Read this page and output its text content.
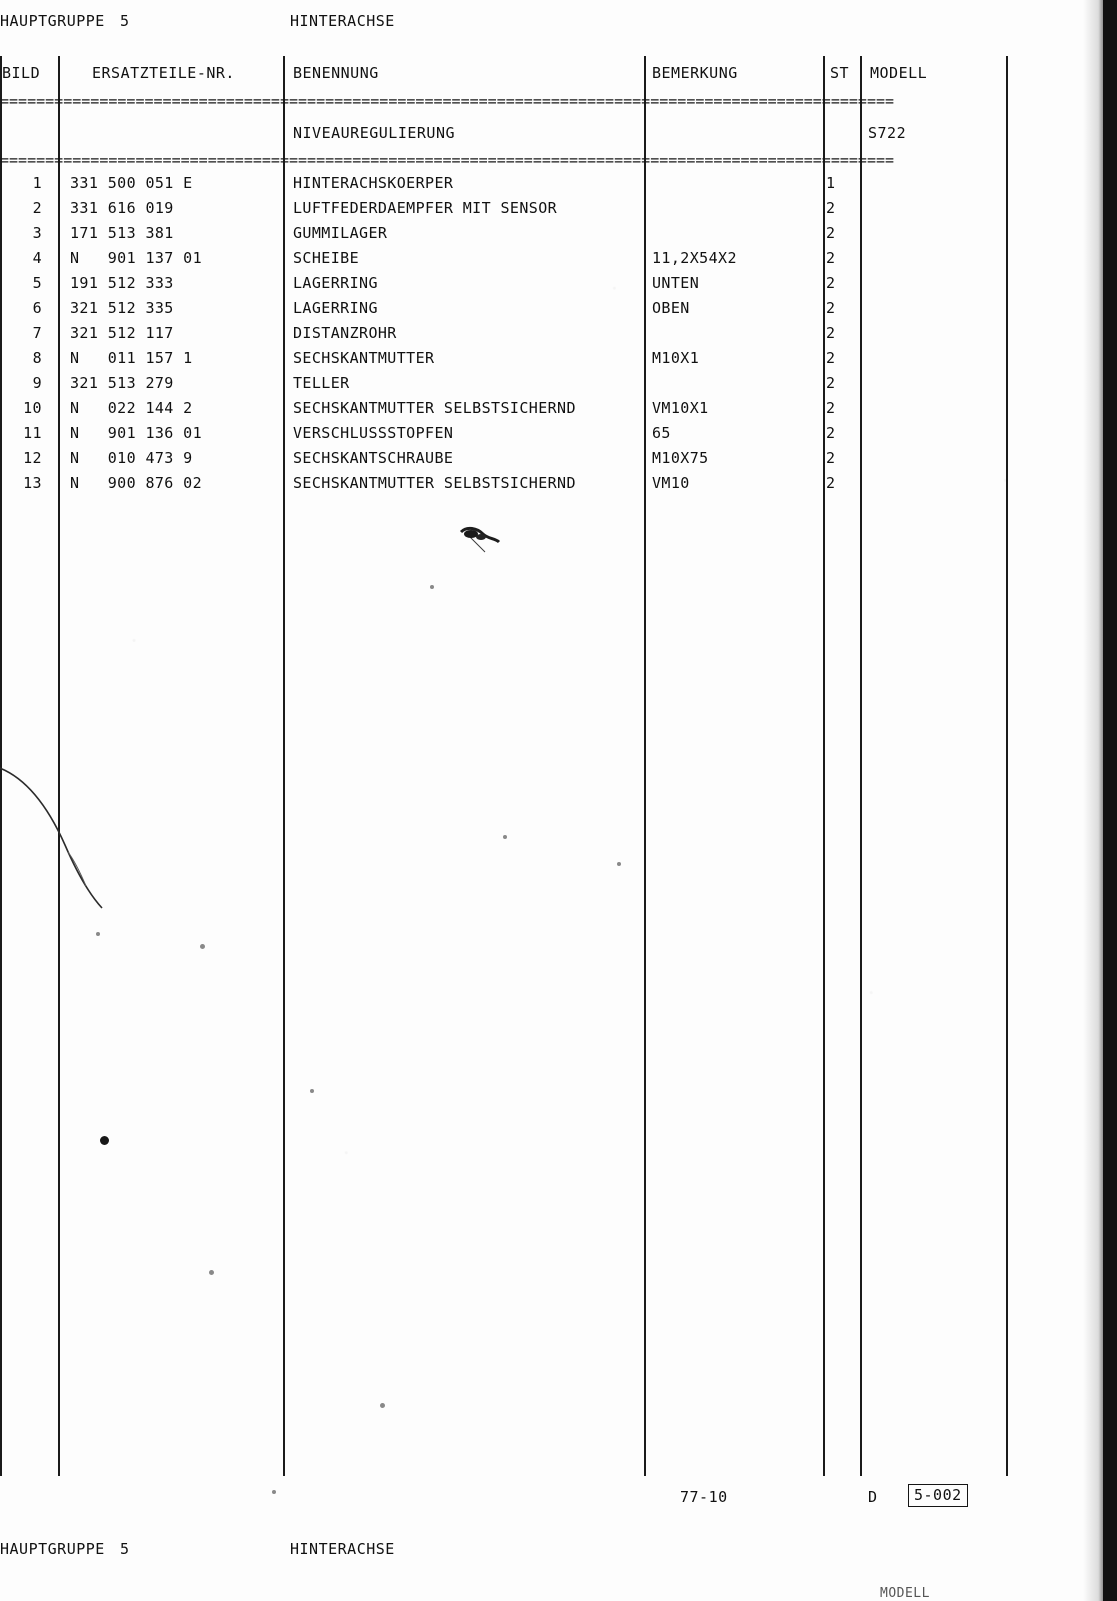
HAUPTGRUPPE 5	HINTERACHSE
BILD	ERSATZTEILE-NR.	BENENNUNG	BEMERKUNG	ST MODELL
===================================================================================================
NIVEAUREGULIERUNG	S722
===================================================================================================
1	331 500 051 E	HINTERACHSKOERPER	1
2	331 616 019	LUFTFEDERDAEMPFER MIT SENSOR	2
3	171 513 381	GUMMILAGER	2
4	N   901 137 01	SCHEIBE	11,2X54X2	2
5	191 512 333	LAGERRING	UNTEN	2
6	321 512 335	LAGERRING	OBEN	2
7	321 512 117	DISTANZROHR	2
8	N   011 157 1	SECHSKANTMUTTER	M10X1	2
9	321 513 279	TELLER	2
10	N   022 144 2	SECHSKANTMUTTER SELBSTSICHERND	VM10X1	2
11	N   901 136 01	VERSCHLUSSSTOPFEN	65	2
12	N   010 473 9	SECHSKANTSCHRAUBE	M10X75	2
13	N   900 876 02	SECHSKANTMUTTER SELBSTSICHERND	VM10	2
77-10	D	5-002
HAUPTGRUPPE 5	HINTERACHSE
MODELL
